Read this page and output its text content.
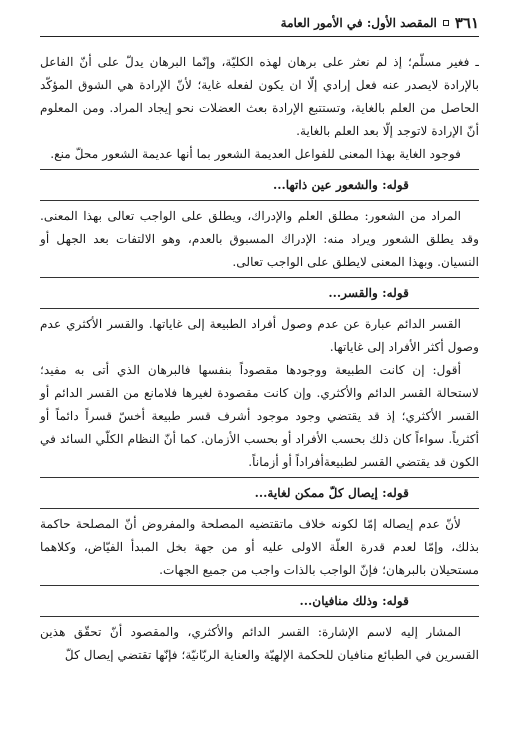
٣٦١
المقصد الأول: في الأمور العامة

ـ فغير مسلّم؛ إذ لم نعثر على برهان لهذه الكليّة، وإنّما البرهان يدلّ على أنّ الفاعل بالإرادة لايصدر عنه فعل إرادي إلّا ان يكون لفعله غاية؛ لأنّ الإرادة هي الشوق المؤكّد الحاصل من العلم بالغاية، وتستتبع الإرادة بعث العضلات نحو إيجاد المراد. ومن المعلوم أنّ الإرادة لاتوجد إلّا بعد العلم بالغاية.

فوجود الغاية بهذا المعنى للفواعل العديمة الشعور بما أنها عديمة الشعور محلّ منع.

قوله: والشعور عين ذاتها...

المراد من الشعور: مطلق العلم والإدراك، ويطلق على الواجب تعالى بهذا المعنى. وقد يطلق الشعور ويراد منه: الإدراك المسبوق بالعدم، وهو الالتفات بعد الجهل أو النسيان. وبهذا المعنى لايطلق على الواجب تعالى.

قوله: والقسر...

القسر الدائم عبارة عن عدم وصول أفراد الطبيعة إلى غاياتها. والقسر الأكثري عدم وصول أكثر الأفراد إلى غاياتها.

أقول: إن كانت الطبيعة ووجودها مقصوداً بنفسها فالبرهان الذي أتى به مفيد؛ لاستحالة القسر الدائم والأكثري. وإن كانت مقصودة لغيرها فلامانع من القسر الدائم أو القسر الأكثري؛ إذ قد يقتضي وجود موجود أشرف قسر طبيعة أخسّ قسراً دائماً أو أكثرياً. سواءاً كان ذلك بحسب الأفراد أو بحسب الأزمان. كما أنّ النظام الكلّي السائد في الكون قد يقتضي القسر لطبيعةأفراداً أو أزماناً.

قوله: إيصال كلّ ممكن لغاية...

لأنّ عدم إيصاله إمّا لكونه خلاف ماتقتضيه المصلحة والمفروض أنّ المصلحة حاكمة بذلك، وإمّا لعدم قدرة العلّة الاولى عليه أو من جهة بخل المبدأ الفيّاض، وكلاهما مستحيلان بالبرهان؛ فإنّ الواجب بالذات واجب من جميع الجهات.

قوله: وذلك منافيان...

المشار إليه لاسم الإشارة: القسر الدائم والأكثري، والمقصود أنّ تحقّق هذين القسرين في الطبائع منافيان للحكمة الإلهيّة والعناية الربّانيّة؛ فإنّها تقتضي إيصال كلّ
